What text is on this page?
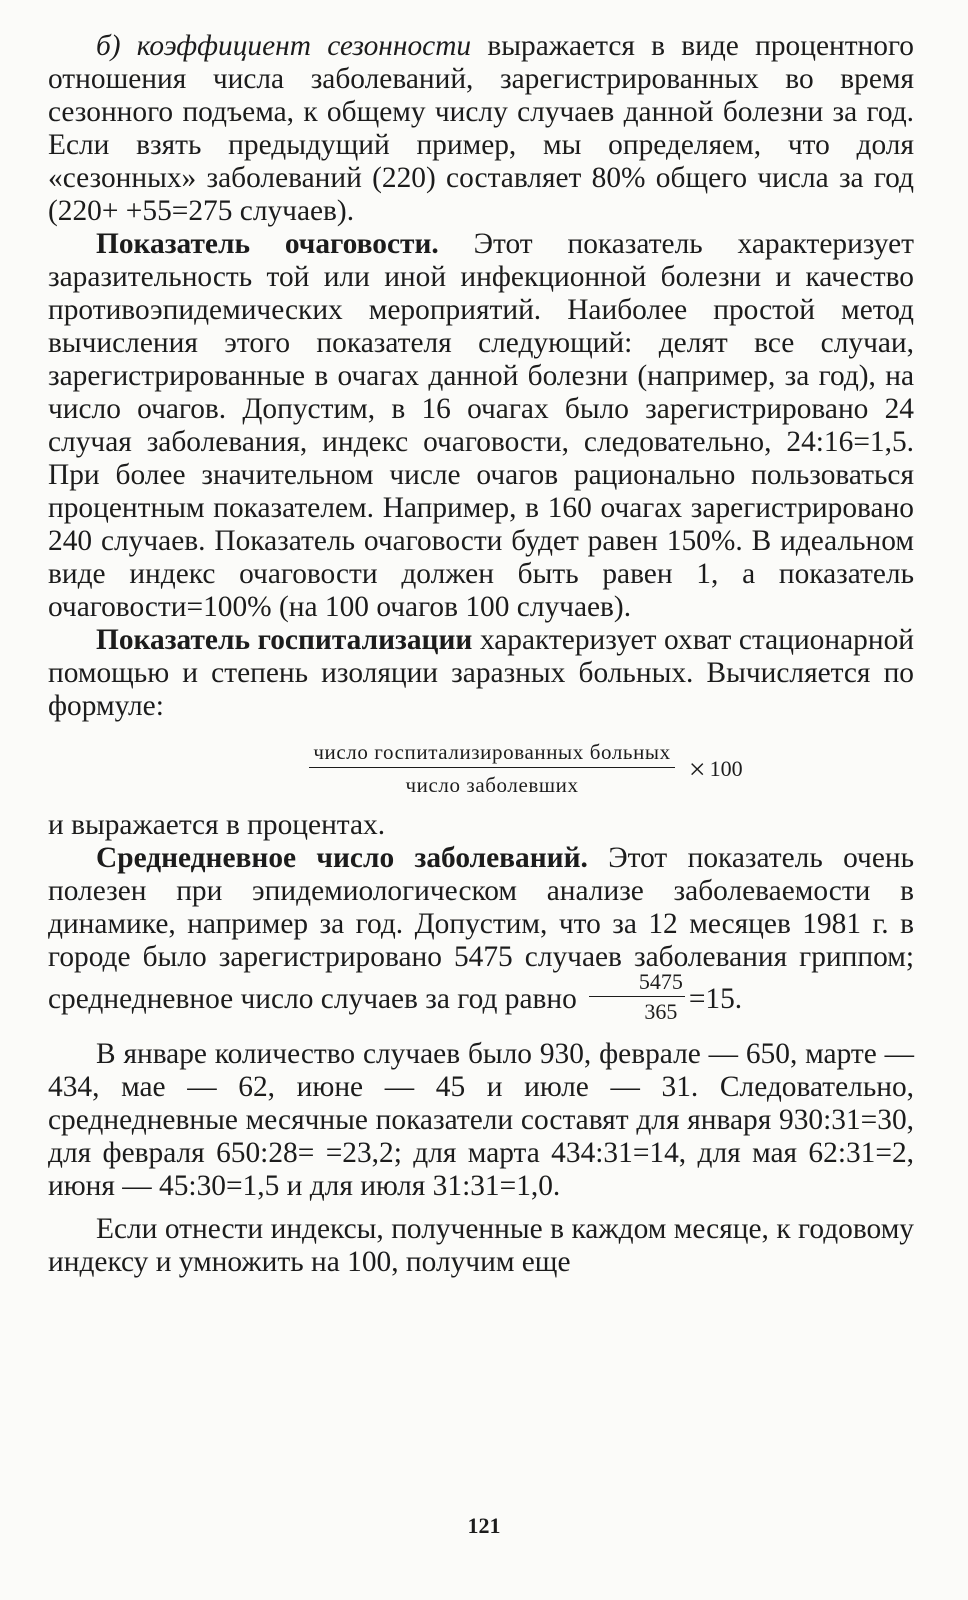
б) коэффициент сезонности выражается в виде процентного отношения числа заболеваний, зарегистрированных во время сезонного подъема, к общему числу случаев данной болезни за год. Если взять предыдущий пример, мы определяем, что доля «сезонных» заболеваний (220) составляет 80% общего числа за год (220+ +55=275 случаев).

Показатель очаговости. Этот показатель характеризует заразительность той или иной инфекционной болезни и качество противоэпидемических мероприятий. Наиболее простой метод вычисления этого показателя следующий: делят все случаи, зарегистрированные в очагах данной болезни (например, за год), на число очагов. Допустим, в 16 очагах было зарегистрировано 24 случая заболевания, индекс очаговости, следовательно, 24:16=1,5. При более значительном числе очагов рационально пользоваться процентным показателем. Например, в 160 очагах зарегистрировано 240 случаев. Показатель очаговости будет равен 150%. В идеальном виде индекс очаговости должен быть равен 1, а показатель очаговости=100% (на 100 очагов 100 случаев).

Показатель госпитализации характеризует охват стационарной помощью и степень изоляции заразных больных. Вычисляется по формуле:

$\frac{\text{число госпитализированных больных}}{\text{число заболевших}} \times 100$

и выражается в процентах.

Среднедневное число заболеваний. Этот показатель очень полезен при эпидемиологическом анализе заболеваемости в динамике, например за год. Допустим, что за 12 месяцев 1981 г. в городе было зарегистрировано 5475 случаев заболевания гриппом; среднедневное число случаев за год равно $\frac{5475}{365} =15$.

В январе количество случаев было 930, феврале — 650, марте — 434, мае — 62, июне — 45 и июле — 31. Следовательно, среднедневные месячные показатели составят для января 930:31=30, для февраля 650:28= =23,2; для марта 434:31=14, для мая 62:31=2, июня — 45:30=1,5 и для июля 31:31=1,0.

Если отнести индексы, полученные в каждом месяце, к годовому индексу и умножить на 100, получим еще

121
